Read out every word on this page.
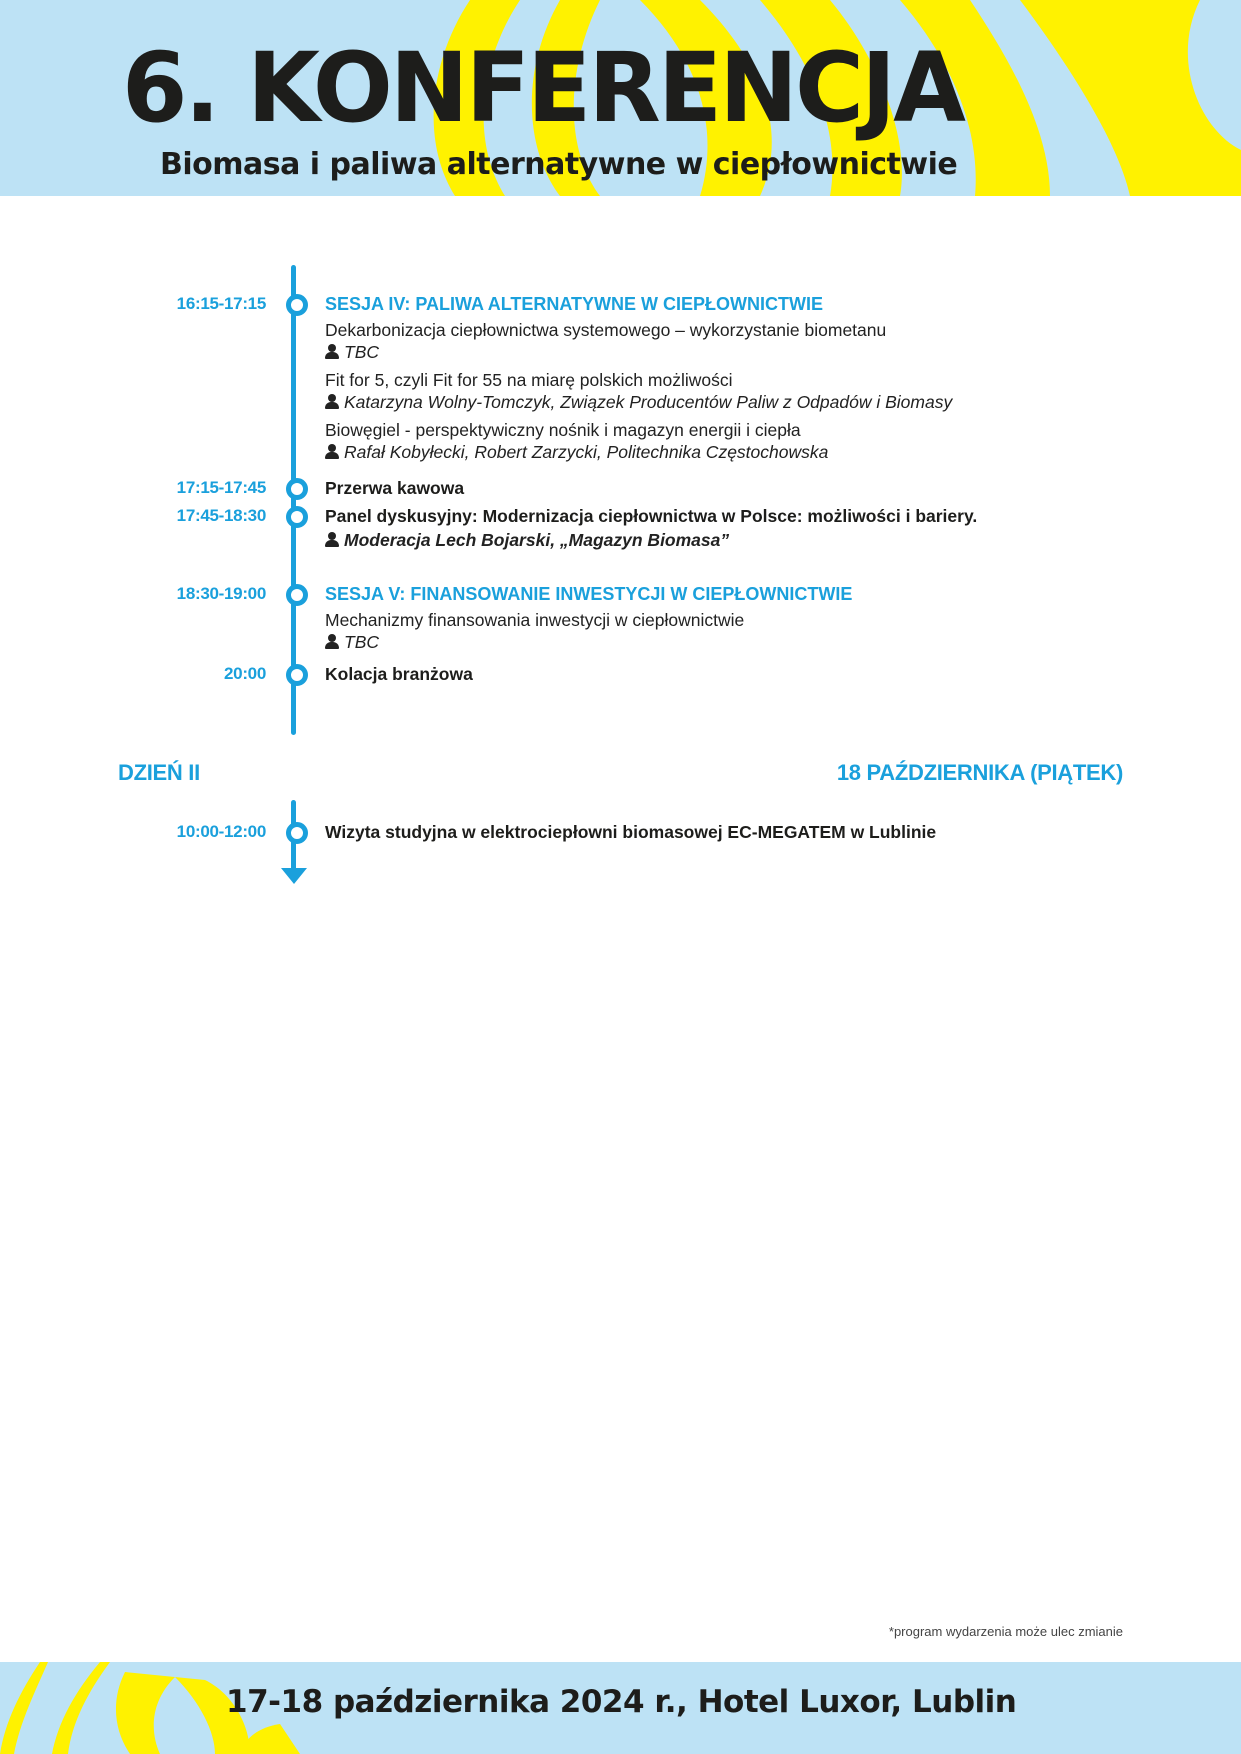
6. KONFERENCJA
Biomasa i paliwa alternatywne w ciepłownictwie
16:15-17:15	SESJA IV: PALIWA ALTERNATYWNE W CIEPŁOWNICTWIE
Dekarbonizacja ciepłownictwa systemowego – wykorzystanie biometanu
TBC
Fit for 5, czyli Fit for 55 na miarę polskich możliwości
Katarzyna Wolny-Tomczyk, Związek Producentów Paliw z Odpadów i Biomasy
Biowęgiel - perspektywiczny nośnik i magazyn energii i ciepła
Rafał Kobyłecki, Robert Zarzycki, Politechnika Częstochowska
17:15-17:45	Przerwa kawowa
17:45-18:30	Panel dyskusyjny: Modernizacja ciepłownictwa w Polsce: możliwości i bariery.
Moderacja Lech Bojarski, „Magazyn Biomasa”
18:30-19:00	SESJA V: FINANSOWANIE INWESTYCJI W CIEPŁOWNICTWIE
Mechanizmy finansowania inwestycji w ciepłownictwie
TBC
20:00	Kolacja branżowa
DZIEŃ II	18 PAŹDZIERNIKA (PIĄTEK)
10:00-12:00	Wizyta studyjna w elektrociepłowni biomasowej EC-MEGATEM w Lublinie
*program wydarzenia może ulec zmianie
17-18 października 2024 r., Hotel Luxor, Lublin
